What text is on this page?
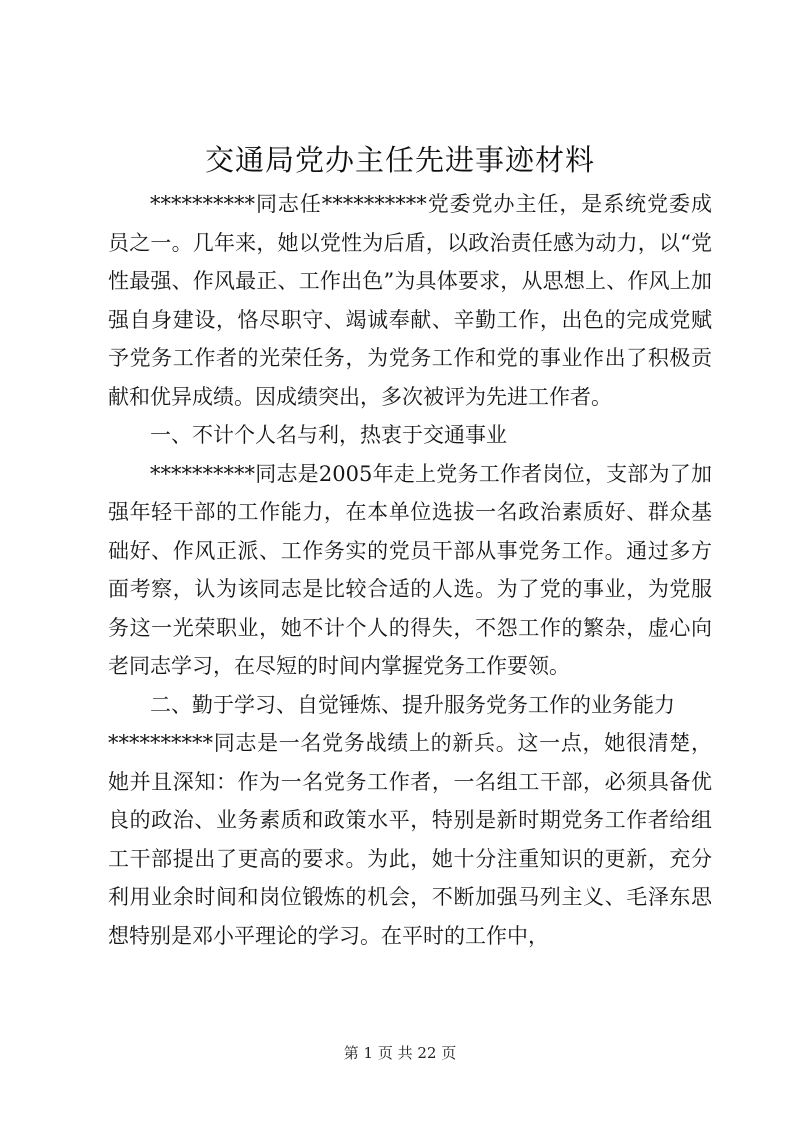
交通局党办主任先进事迹材料

**********同志任**********党委党办主任，是系统党委成员之一。几年来，她以党性为后盾，以政治责任感为动力，以“党性最强、作风最正、工作出色”为具体要求，从思想上、作风上加强自身建设，恪尽职守、竭诚奉献、辛勤工作，出色的完成党赋予党务工作者的光荣任务，为党务工作和党的事业作出了积极贡献和优异成绩。因成绩突出，多次被评为先进工作者。

一、不计个人名与利，热衷于交通事业

**********同志是2005年走上党务工作者岗位，支部为了加强年轻干部的工作能力，在本单位选拔一名政治素质好、群众基础好、作风正派、工作务实的党员干部从事党务工作。通过多方面考察，认为该同志是比较合适的人选。为了党的事业，为党服务这一光荣职业，她不计个人的得失，不怨工作的繁杂，虚心向老同志学习，在尽短的时间内掌握党务工作要领。

二、勤于学习、自觉锤炼、提升服务党务工作的业务能力

**********同志是一名党务战绩上的新兵。这一点，她很清楚，她并且深知：作为一名党务工作者，一名组工干部，必须具备优良的政治、业务素质和政策水平，特别是新时期党务工作者给组工干部提出了更高的要求。为此，她十分注重知识的更新，充分利用业余时间和岗位锻炼的机会，不断加强马列主义、毛泽东思想特别是邓小平理论的学习。在平时的工作中，

第 1 页 共 22 页
